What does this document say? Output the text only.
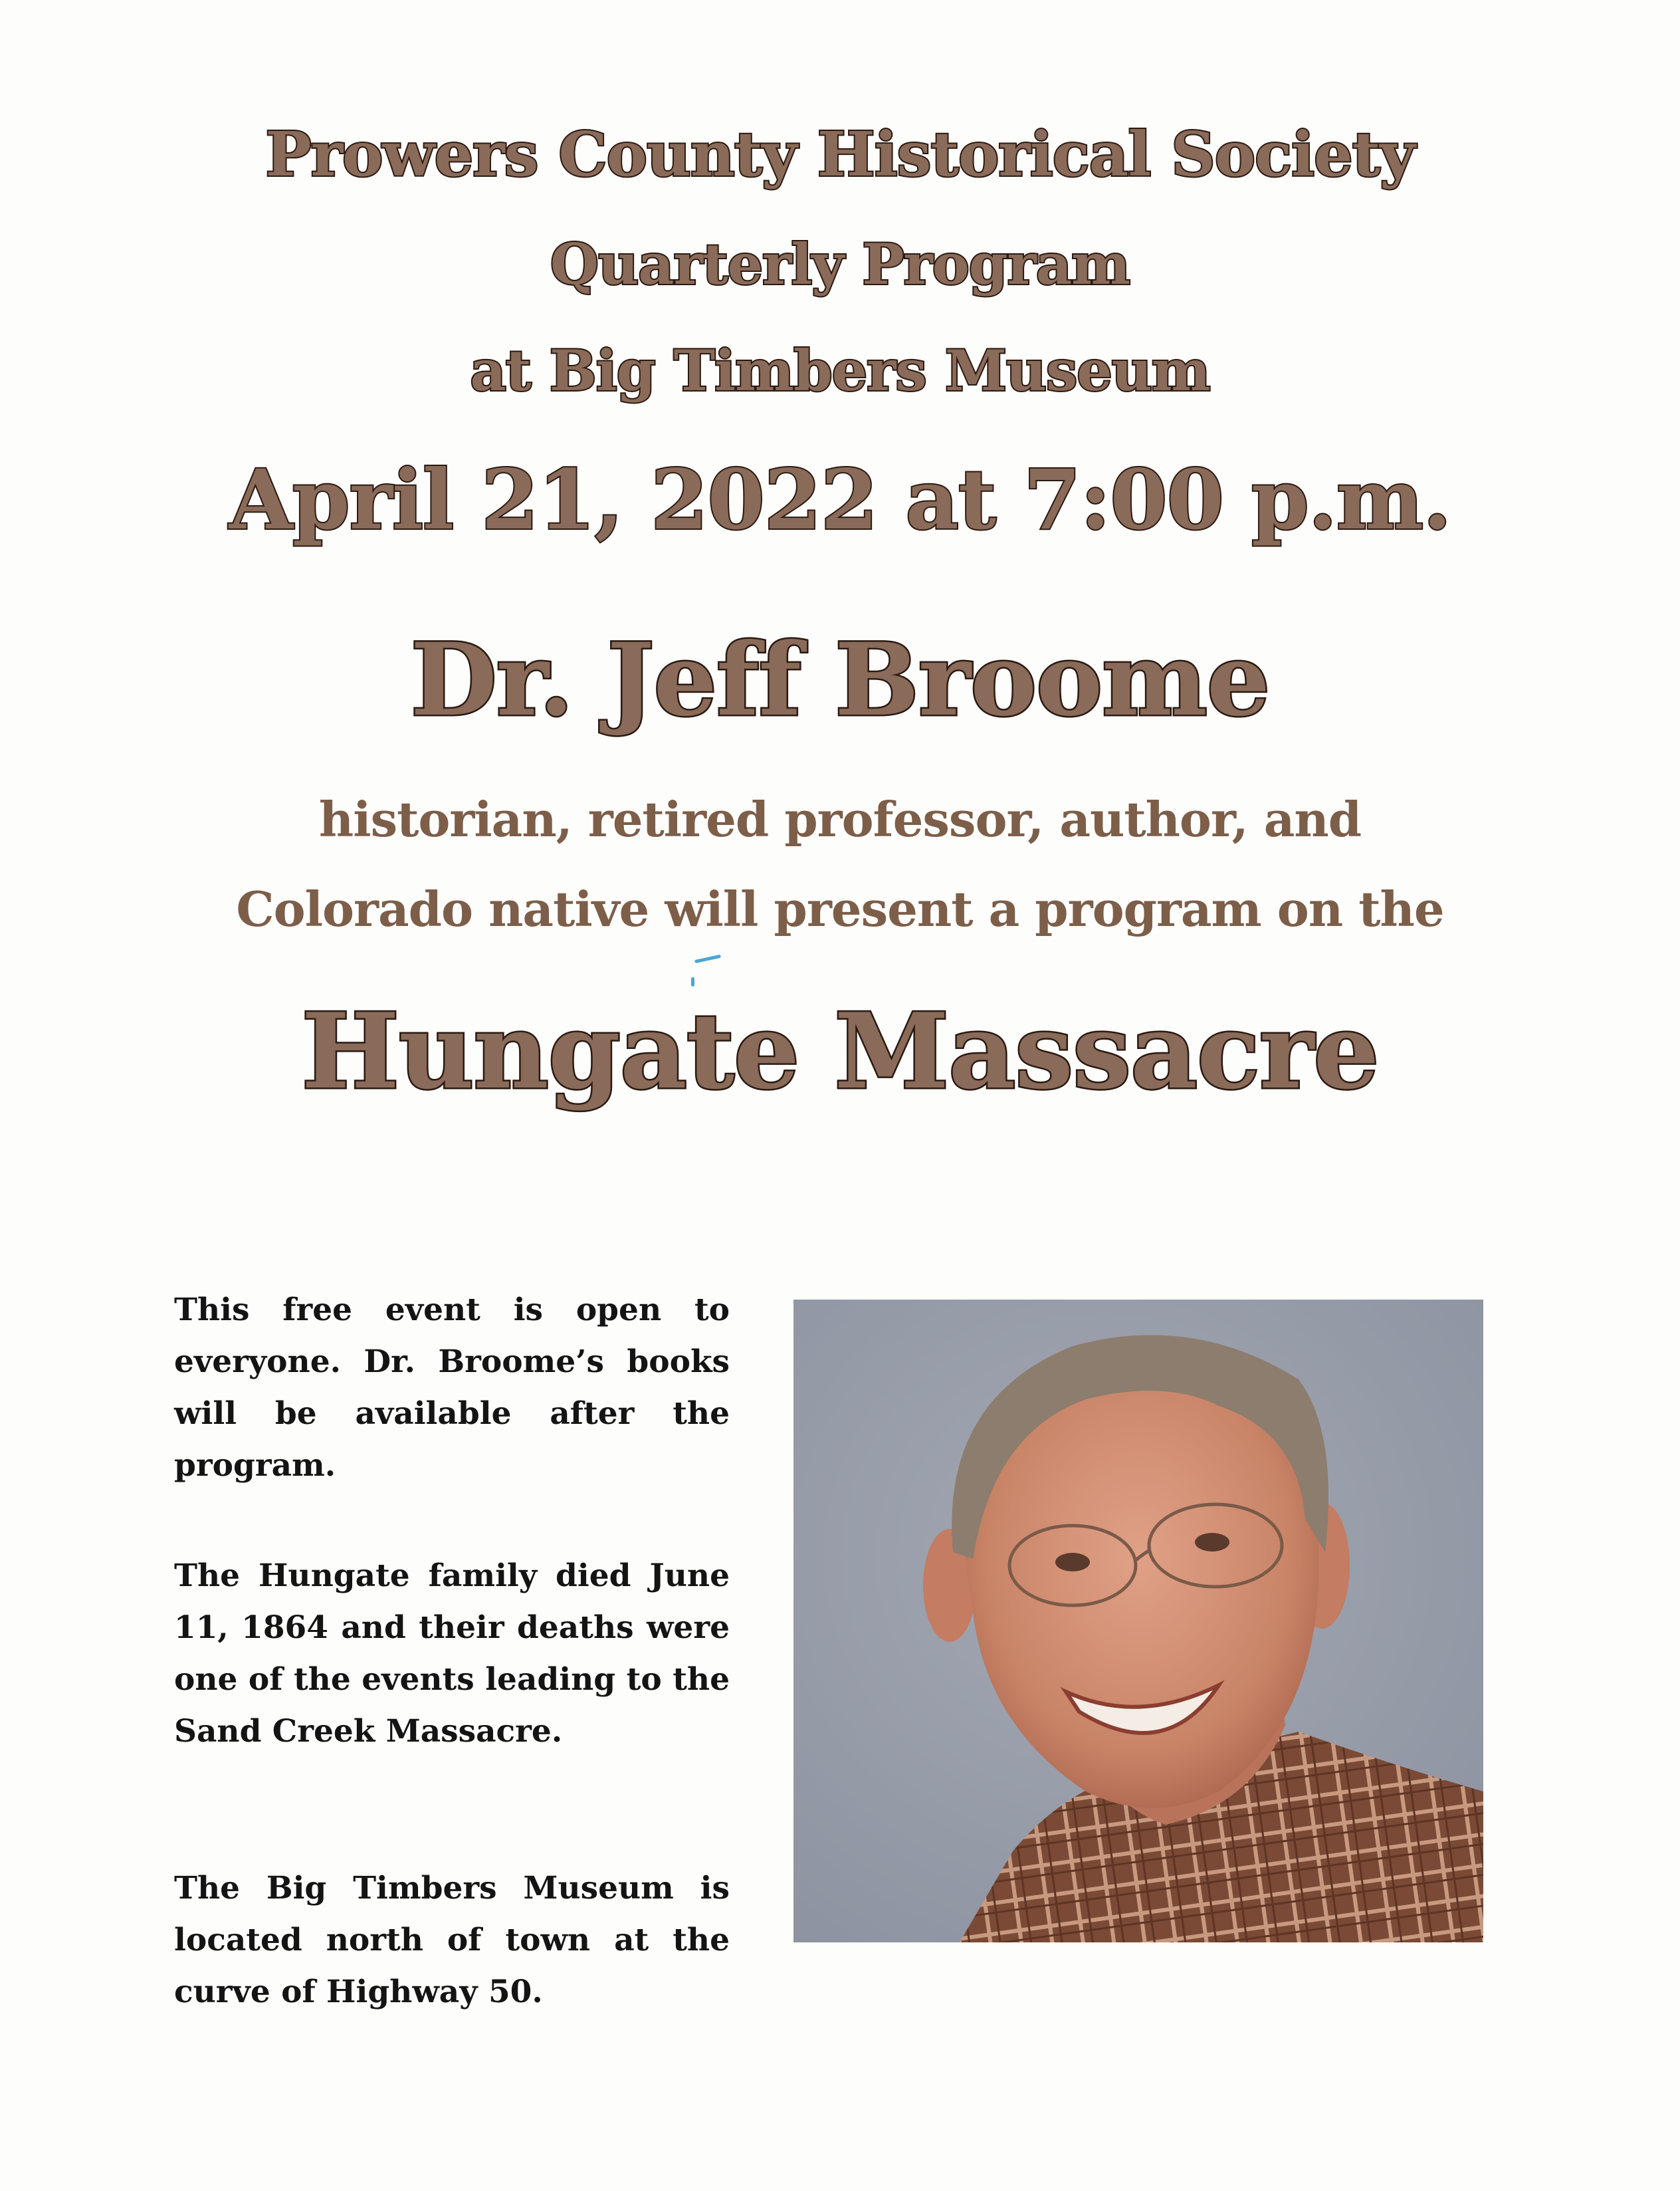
Prowers County Historical Society
Quarterly Program
at Big Timbers Museum
April 21, 2022 at 7:00 p.m.
Dr. Jeff Broome
historian, retired professor, author, and
Colorado native will present a program on the
Hungate Massacre

This free event is open to everyone. Dr. Broome’s books will be available after the program.

The Hungate family died June 11, 1864 and their deaths were one of the events leading to the Sand Creek Massacre.

The Big Timbers Museum is located north of town at the curve of Highway 50.
